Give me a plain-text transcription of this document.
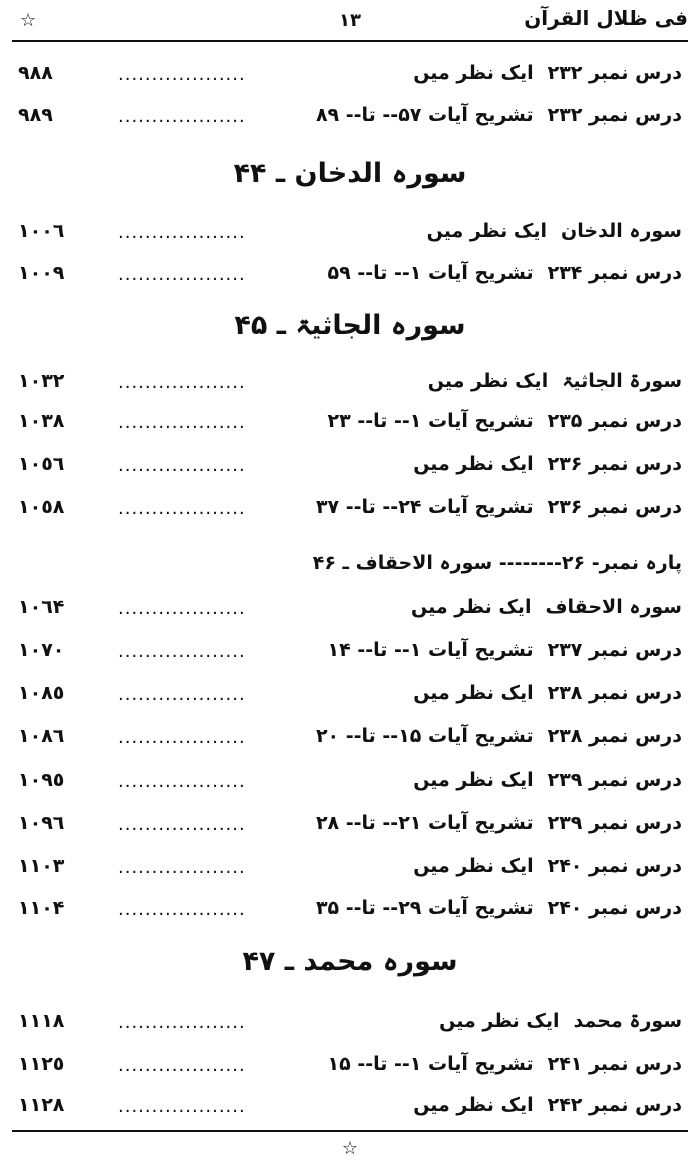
☆	١٣	فی ظلال القرآن
درس نمبر ۲۳۲ایک نظر میں
...................
٩٨٨
درس نمبر ۲۳۲تشریح آیات ۵۷-- تا-- ۸۹
...................
٩٨٩
سورہ الدخان ـ ۴۴
سورہ الدخانایک نظر میں
...................
١٠٠٦
درس نمبر ۲۳۴تشریح آیات ١-- تا-- ۵۹
...................
١٠٠٩
سورہ الجاثیۃ ـ ۴۵
سورۃ الجاثیۃایک نظر میں
...................
١٠٣٢
درس نمبر ۲۳۵تشریح آیات ١-- تا-- ۲۳
...................
١٠٣٨
درس نمبر ۲۳۶ایک نظر میں
...................
١٠٥٦
درس نمبر ۲۳۶تشریح آیات ۲۴-- تا-- ۳۷
...................
١٠٥٨
پارہ نمبر- ۲۶-------- سورہ الاحقاف ـ ۴۶
سورہ الاحقافایک نظر میں
...................
١٠٦۴
درس نمبر ۲۳۷تشریح آیات ١-- تا-- ۱۴
...................
١٠٧٠
درس نمبر ۲۳۸ایک نظر میں
...................
١٠٨٥
درس نمبر ۲۳۸تشریح آیات ۱۵-- تا-- ۲۰
...................
١٠٨٦
درس نمبر ۲۳۹ایک نظر میں
...................
١٠٩٥
درس نمبر ۲۳۹تشریح آیات ۲۱-- تا-- ۲۸
...................
١٠٩٦
درس نمبر ۲۴۰ایک نظر میں
...................
١١٠٣
درس نمبر ۲۴۰تشریح آیات ۲۹-- تا-- ۳۵
...................
١١٠۴
سورہ محمد ـ ۴۷
سورۃ محمدایک نظر میں
...................
١١١٨
درس نمبر ۲۴۱تشریح آیات ١-- تا-- ۱۵
...................
١١٢٥
درس نمبر ۲۴۲ایک نظر میں
...................
١١٢٨
☆
